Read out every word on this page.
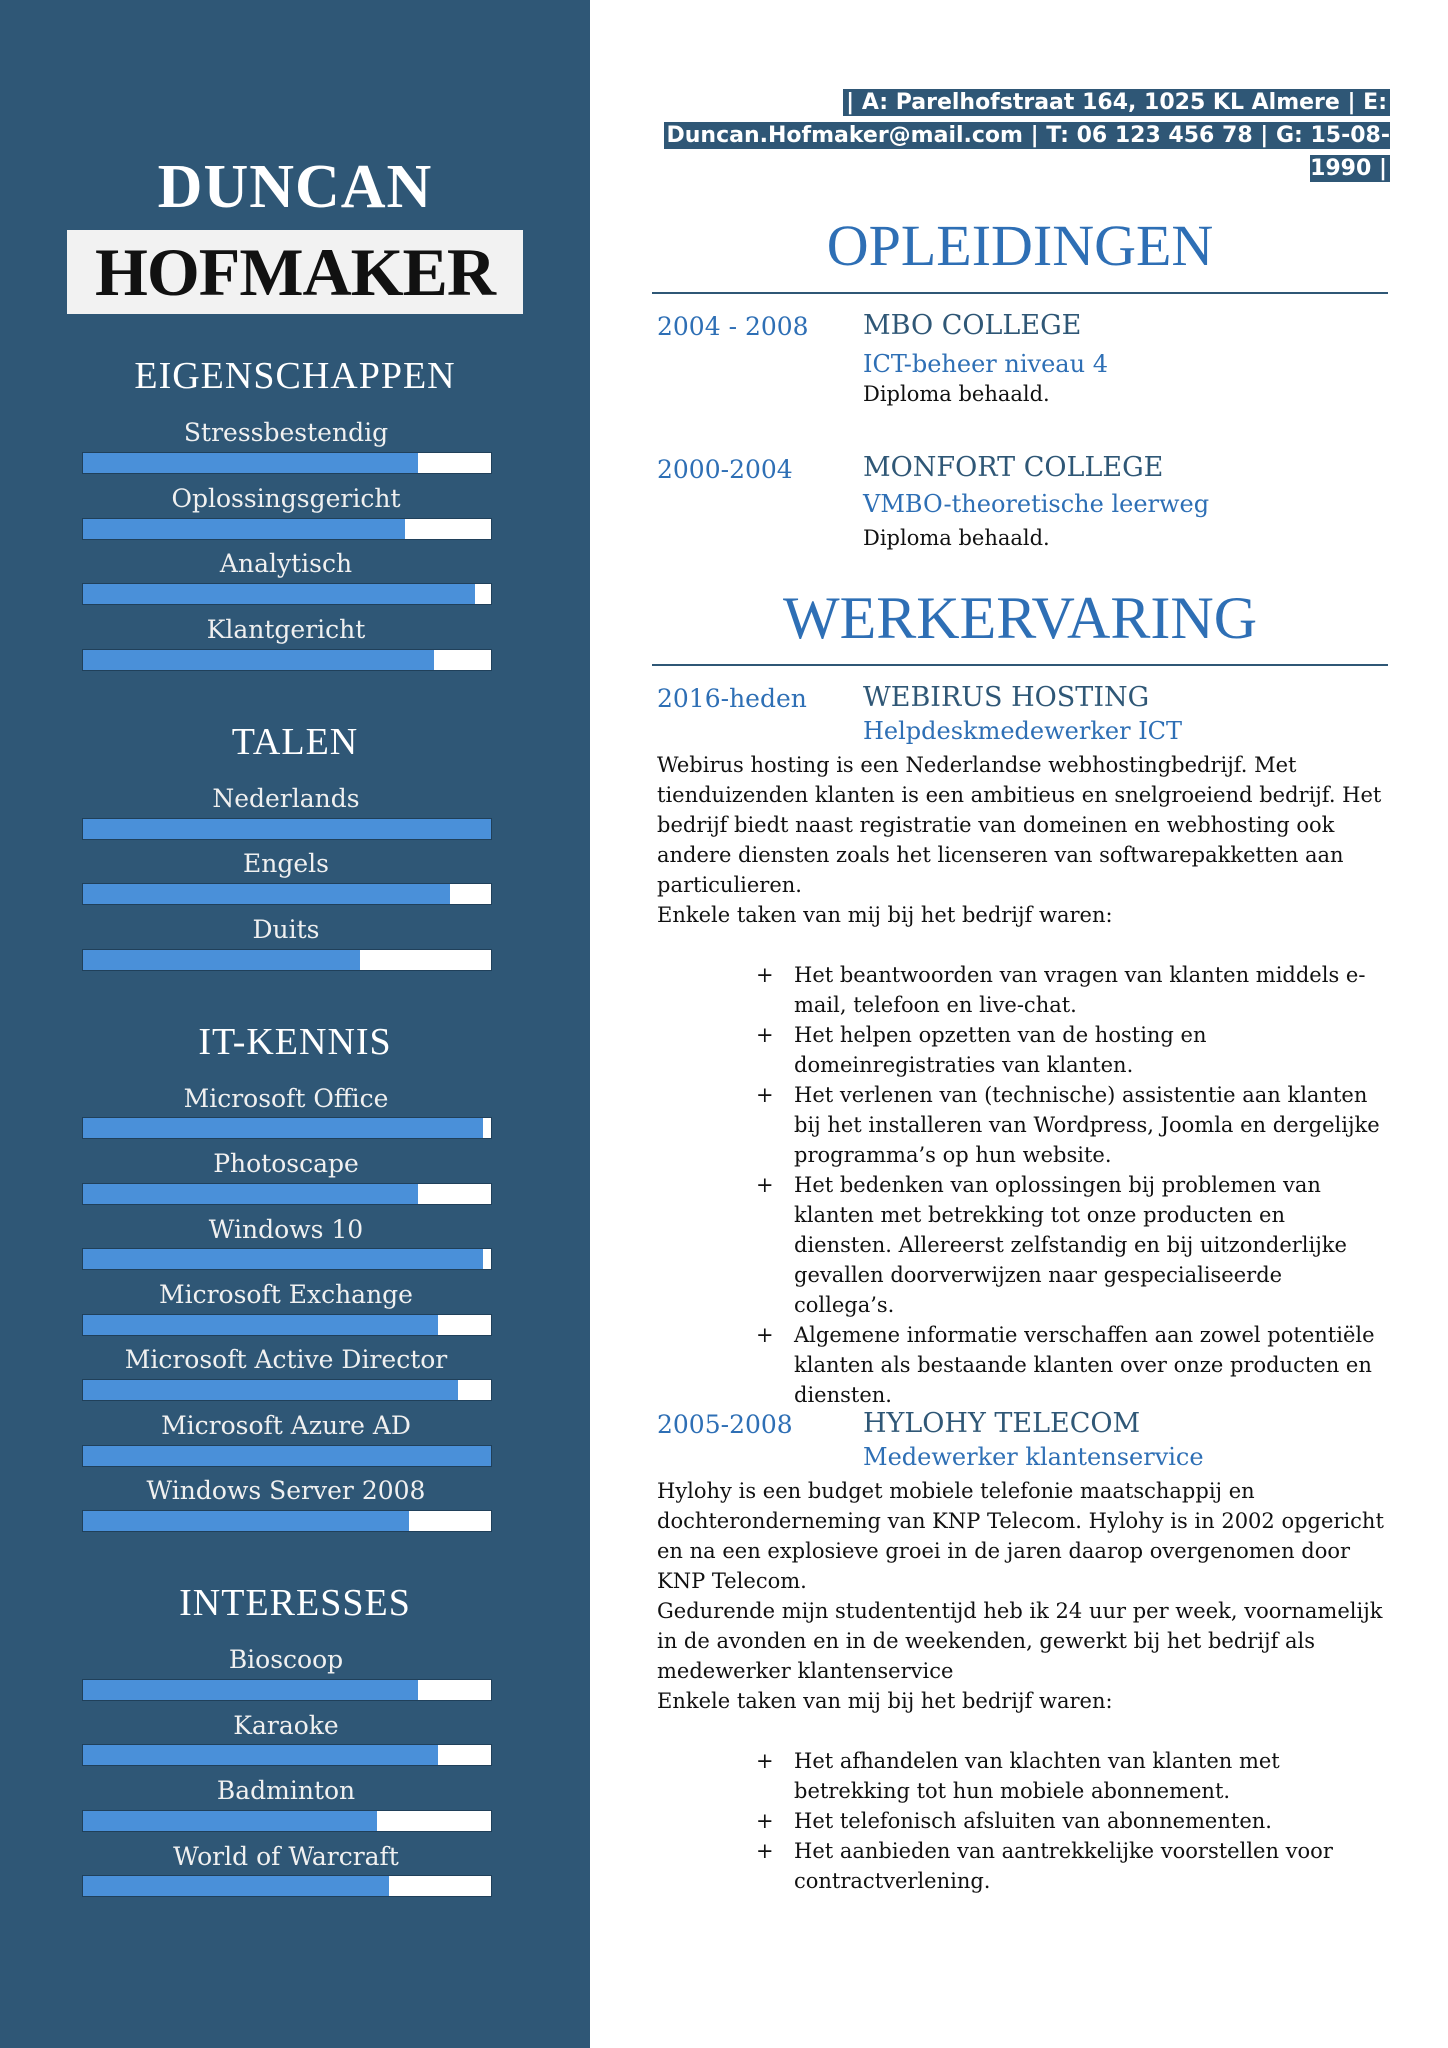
DUNCAN
HOFMAKER
EIGENSCHAPPEN
Stressbestendig
Oplossingsgericht
Analytisch
Klantgericht
TALEN
Nederlands
Engels
Duits
IT-KENNIS
Microsoft Office
Photoscape
Windows 10
Microsoft Exchange
Microsoft Active Director
Microsoft Azure AD
Windows Server 2008
INTERESSES
Bioscoop
Karaoke
Badminton
World of Warcraft
| A: Parelhofstraat 164, 1025 KL Almere | E:
Duncan.Hofmaker@mail.com | T: 06 123 456 78 | G: 15-08-1990 |
OPLEIDINGEN
2004 - 2008 MBO COLLEGE
ICT-beheer niveau 4
Diploma behaald.
2000-2004	MONFORT COLLEGE
VMBO-theoretische leerweg
Diploma behaald.
WERKERVARING
2016-heden WEBIRUS HOSTING
Helpdeskmedewerker ICT

Webirus hosting is een Nederlandse webhostingbedrijf. Met tienduizenden klanten is een ambitieus en snelgroeiend bedrijf. Het bedrijf biedt naast registratie van domeinen en webhosting ook andere diensten zoals het licenseren van softwarepakketten aan particulieren.

Enkele taken van mij bij het bedrijf waren:

+ Het beantwoorden van vragen van klanten middels e-mail, telefoon en live-chat.
+ Het helpen opzetten van de hosting en domeinregistraties van klanten.
+ Het verlenen van (technische) assistentie aan klanten bij het installeren van Wordpress, Joomla en dergelijke programma’s op hun website.
+ Het bedenken van oplossingen bij problemen van klanten met betrekking tot onze producten en diensten. Allereerst zelfstandig en bij uitzonderlijke gevallen doorverwijzen naar gespecialiseerde collega’s.
+ Algemene informatie verschaffen aan zowel potentiële klanten als bestaande klanten over onze producten en diensten.
2005-2008	HYLOHY TELECOM
Medewerker klantenservice

Hylohy is een budget mobiele telefonie maatschappij en dochteronderneming van KNP Telecom. Hylohy is in 2002 opgericht en na een explosieve groei in de jaren daarop overgenomen door KNP Telecom.

Gedurende mijn studententijd heb ik 24 uur per week, voornamelijk in de avonden en in de weekenden, gewerkt bij het bedrijf als medewerker klantenservice

Enkele taken van mij bij het bedrijf waren:

+ Het afhandelen van klachten van klanten met betrekking tot hun mobiele abonnement.
+ Het telefonisch afsluiten van abonnementen.
+ Het aanbieden van aantrekkelijke voorstellen voor contractverlening.
